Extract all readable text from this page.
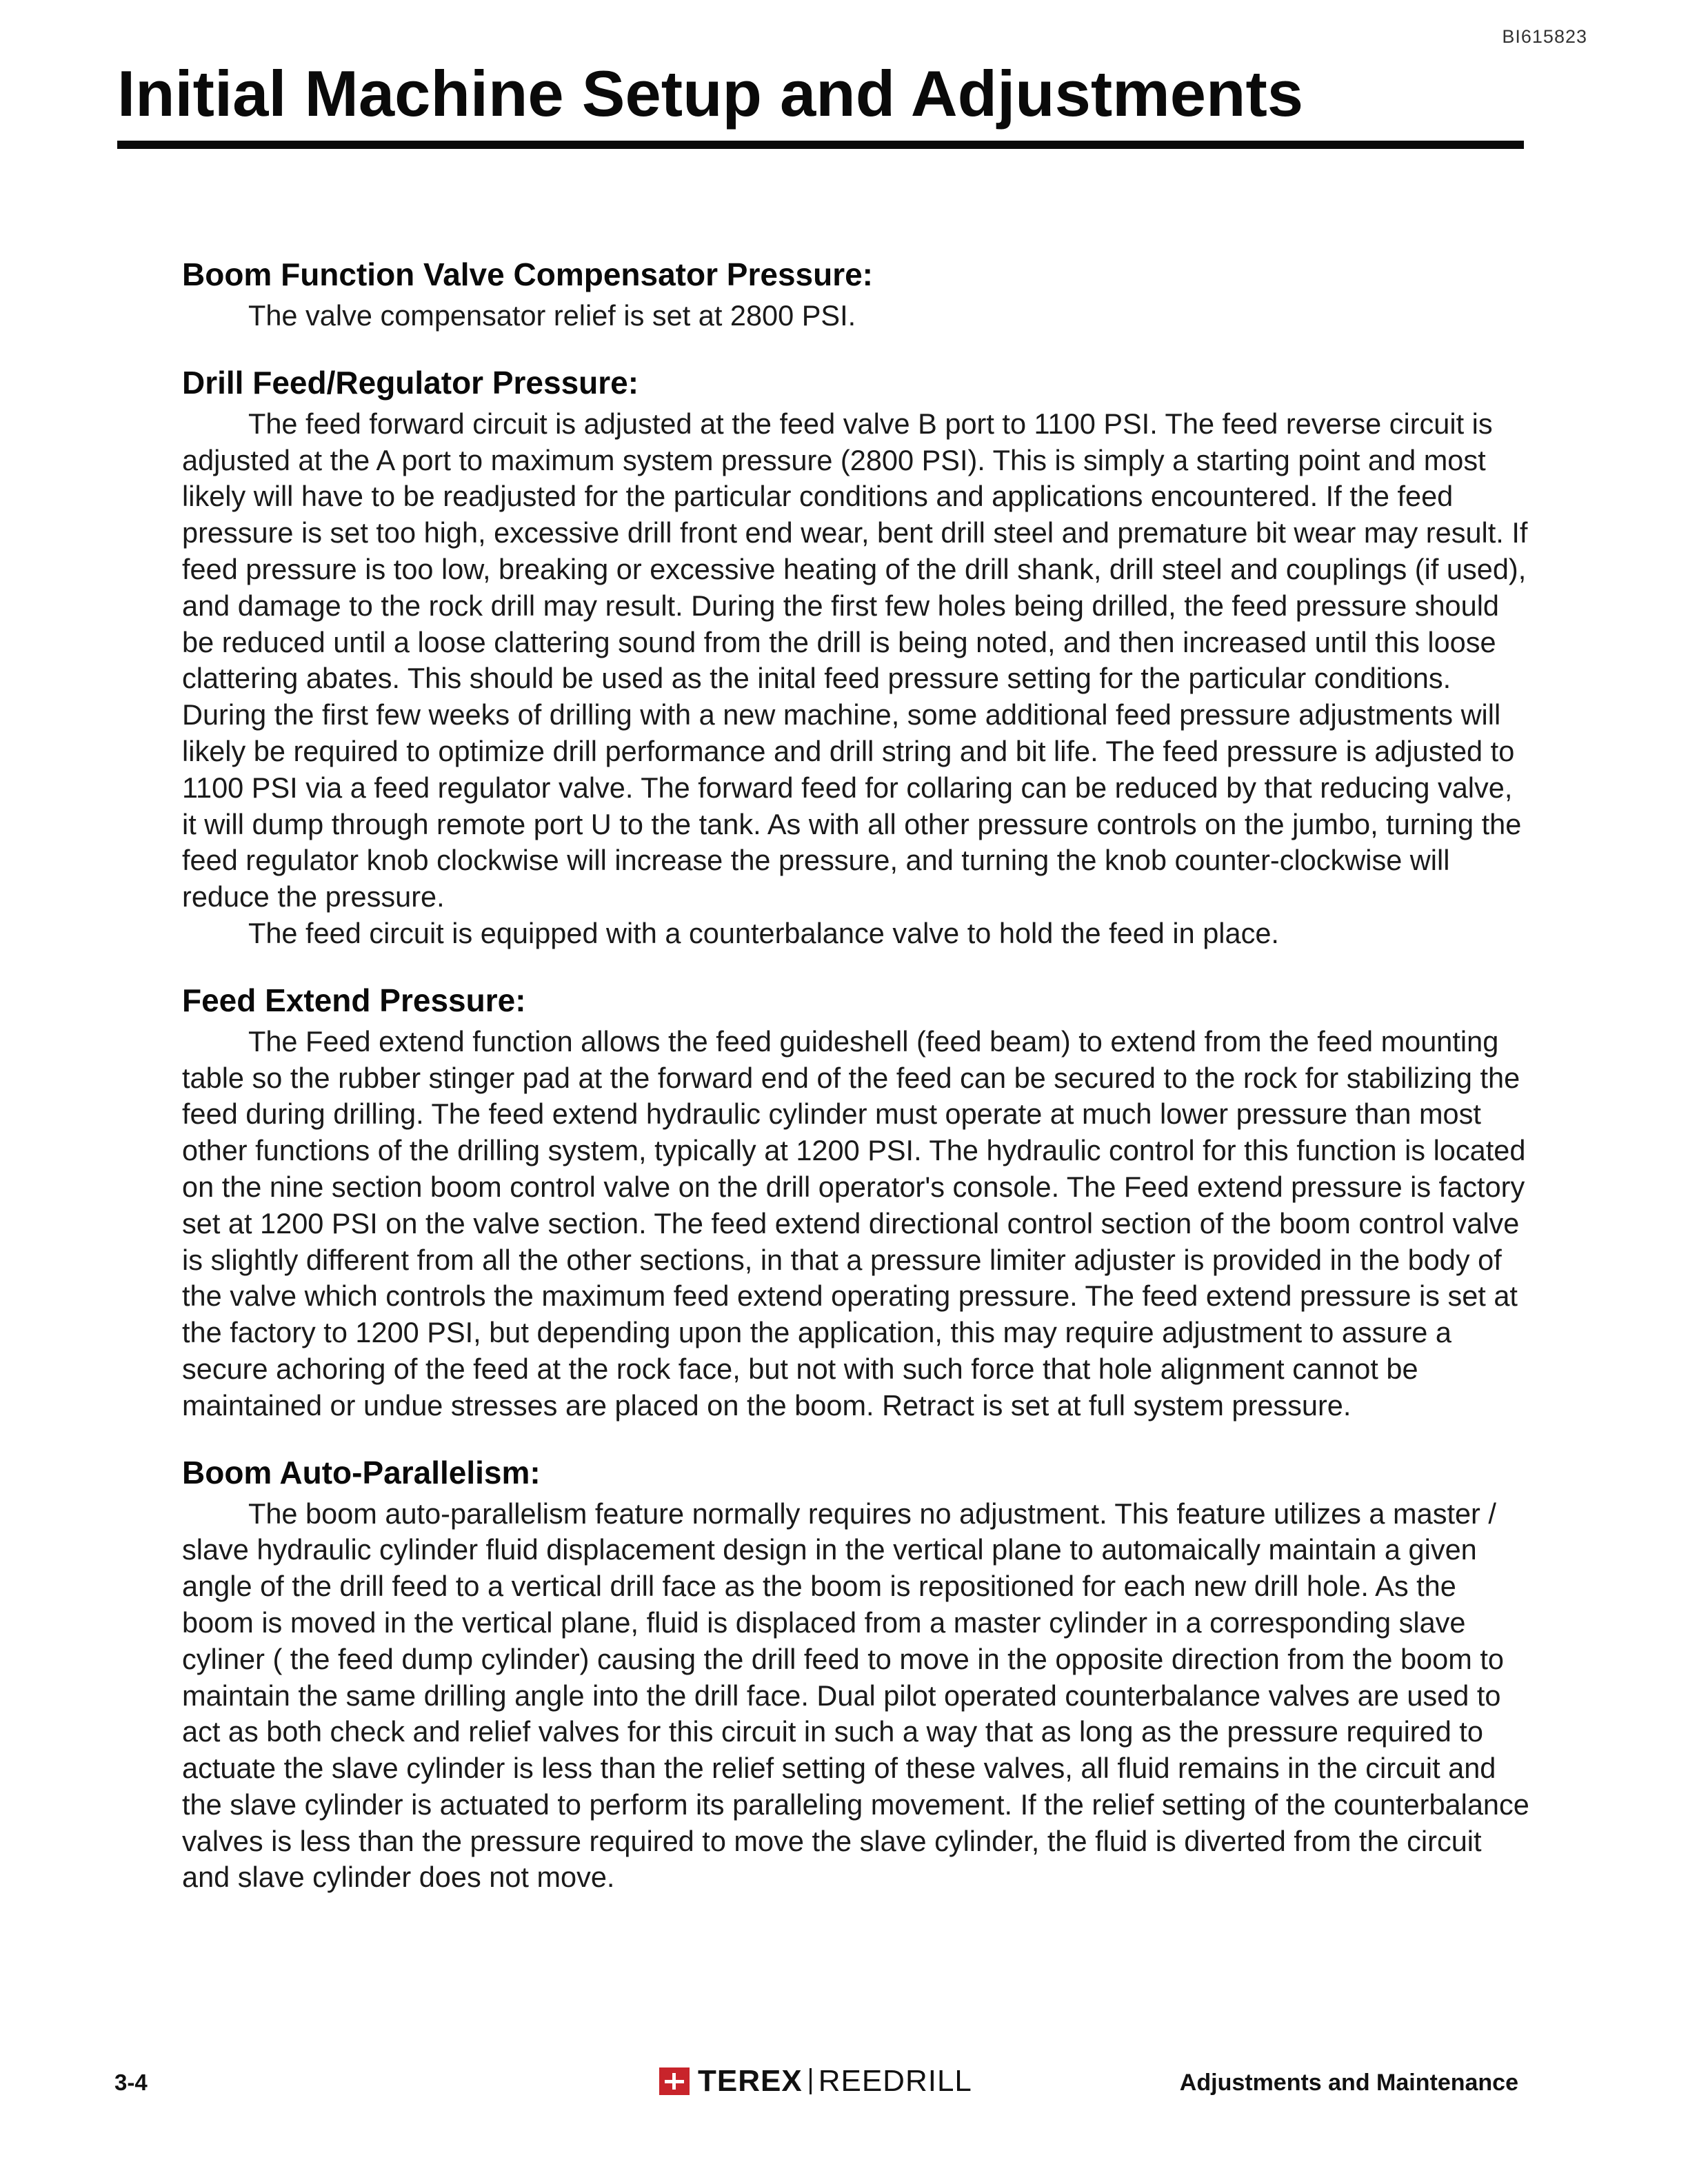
BI615823
Initial Machine Setup and Adjustments
Boom Function Valve Compensator Pressure:

The valve compensator relief is set at 2800 PSI.

Drill Feed/Regulator Pressure:

The feed forward circuit is adjusted at the feed valve B port to 1100 PSI. The feed reverse circuit is adjusted at the A port to maximum system pressure (2800 PSI). This is simply a starting point and most likely will have to be readjusted for the particular conditions and applications encountered. If the feed pressure is set too high, excessive drill front end wear, bent drill steel and premature bit wear may result. If feed pressure is too low, breaking or excessive heating of the drill shank, drill steel and couplings (if used), and damage to the rock drill may result. During the first few holes being drilled, the feed pressure should be reduced until a loose clattering sound from the drill is being noted, and then increased until this loose clattering abates. This should be used as the inital feed pressure setting for the particular conditions. During the first few weeks of drilling with a new machine, some additional feed pressure adjustments will likely be required to optimize drill performance and drill string and bit life. The feed pressure is adjusted to 1100 PSI via a feed regulator valve. The forward feed for collaring can be reduced by that reducing valve, it will dump through remote port U to the tank. As with all other pressure controls on the jumbo, turning the feed regulator knob clockwise will increase the pressure, and turning the knob counter-clockwise will reduce the pressure.

The feed circuit is equipped with a counterbalance valve to hold the feed in place.

Feed Extend Pressure:

The Feed extend function allows the feed guideshell (feed beam) to extend from the feed mounting table so the rubber stinger pad at the forward end of the feed can be secured to the rock for stabilizing the feed during drilling. The feed extend hydraulic cylinder must operate at much lower pressure than most other functions of the drilling system, typically at 1200 PSI. The hydraulic control for this function is located on the nine section boom control valve on the drill operator's console. The Feed extend pressure is factory set at 1200 PSI on the valve section. The feed extend directional control section of the boom control valve is slightly different from all the other sections, in that a pressure limiter adjuster is provided in the body of the valve which controls the maximum feed extend operating pressure. The feed extend pressure is set at the factory to 1200 PSI, but depending upon the application, this may require adjustment to assure a secure achoring of the feed at the rock face, but not with such force that hole alignment cannot be maintained or undue stresses are placed on the boom. Retract is set at full system pressure.

Boom Auto-Parallelism:

The boom auto-parallelism feature normally requires no adjustment. This feature utilizes a master / slave hydraulic cylinder fluid displacement design in the vertical plane to automaically maintain a given angle of the drill feed to a vertical drill face as the boom is repositioned for each new drill hole. As the boom is moved in the vertical plane, fluid is displaced from a master cylinder in a corresponding slave cyliner ( the feed dump cylinder) causing the drill feed to move in the opposite direction from the boom to maintain the same drilling angle into the drill face. Dual pilot operated counterbalance valves are used to act as both check and relief valves for this circuit in such a way that as long as the pressure required to actuate the slave cylinder is less than the relief setting of these valves, all fluid remains in the circuit and the slave cylinder is actuated to perform its paralleling movement. If the relief setting of the counterbalance valves is less than the pressure required to move the slave cylinder, the fluid is diverted from the circuit and slave cylinder does not move.

3-4	TEREX REEDRILL	Adjustments and Maintenance
